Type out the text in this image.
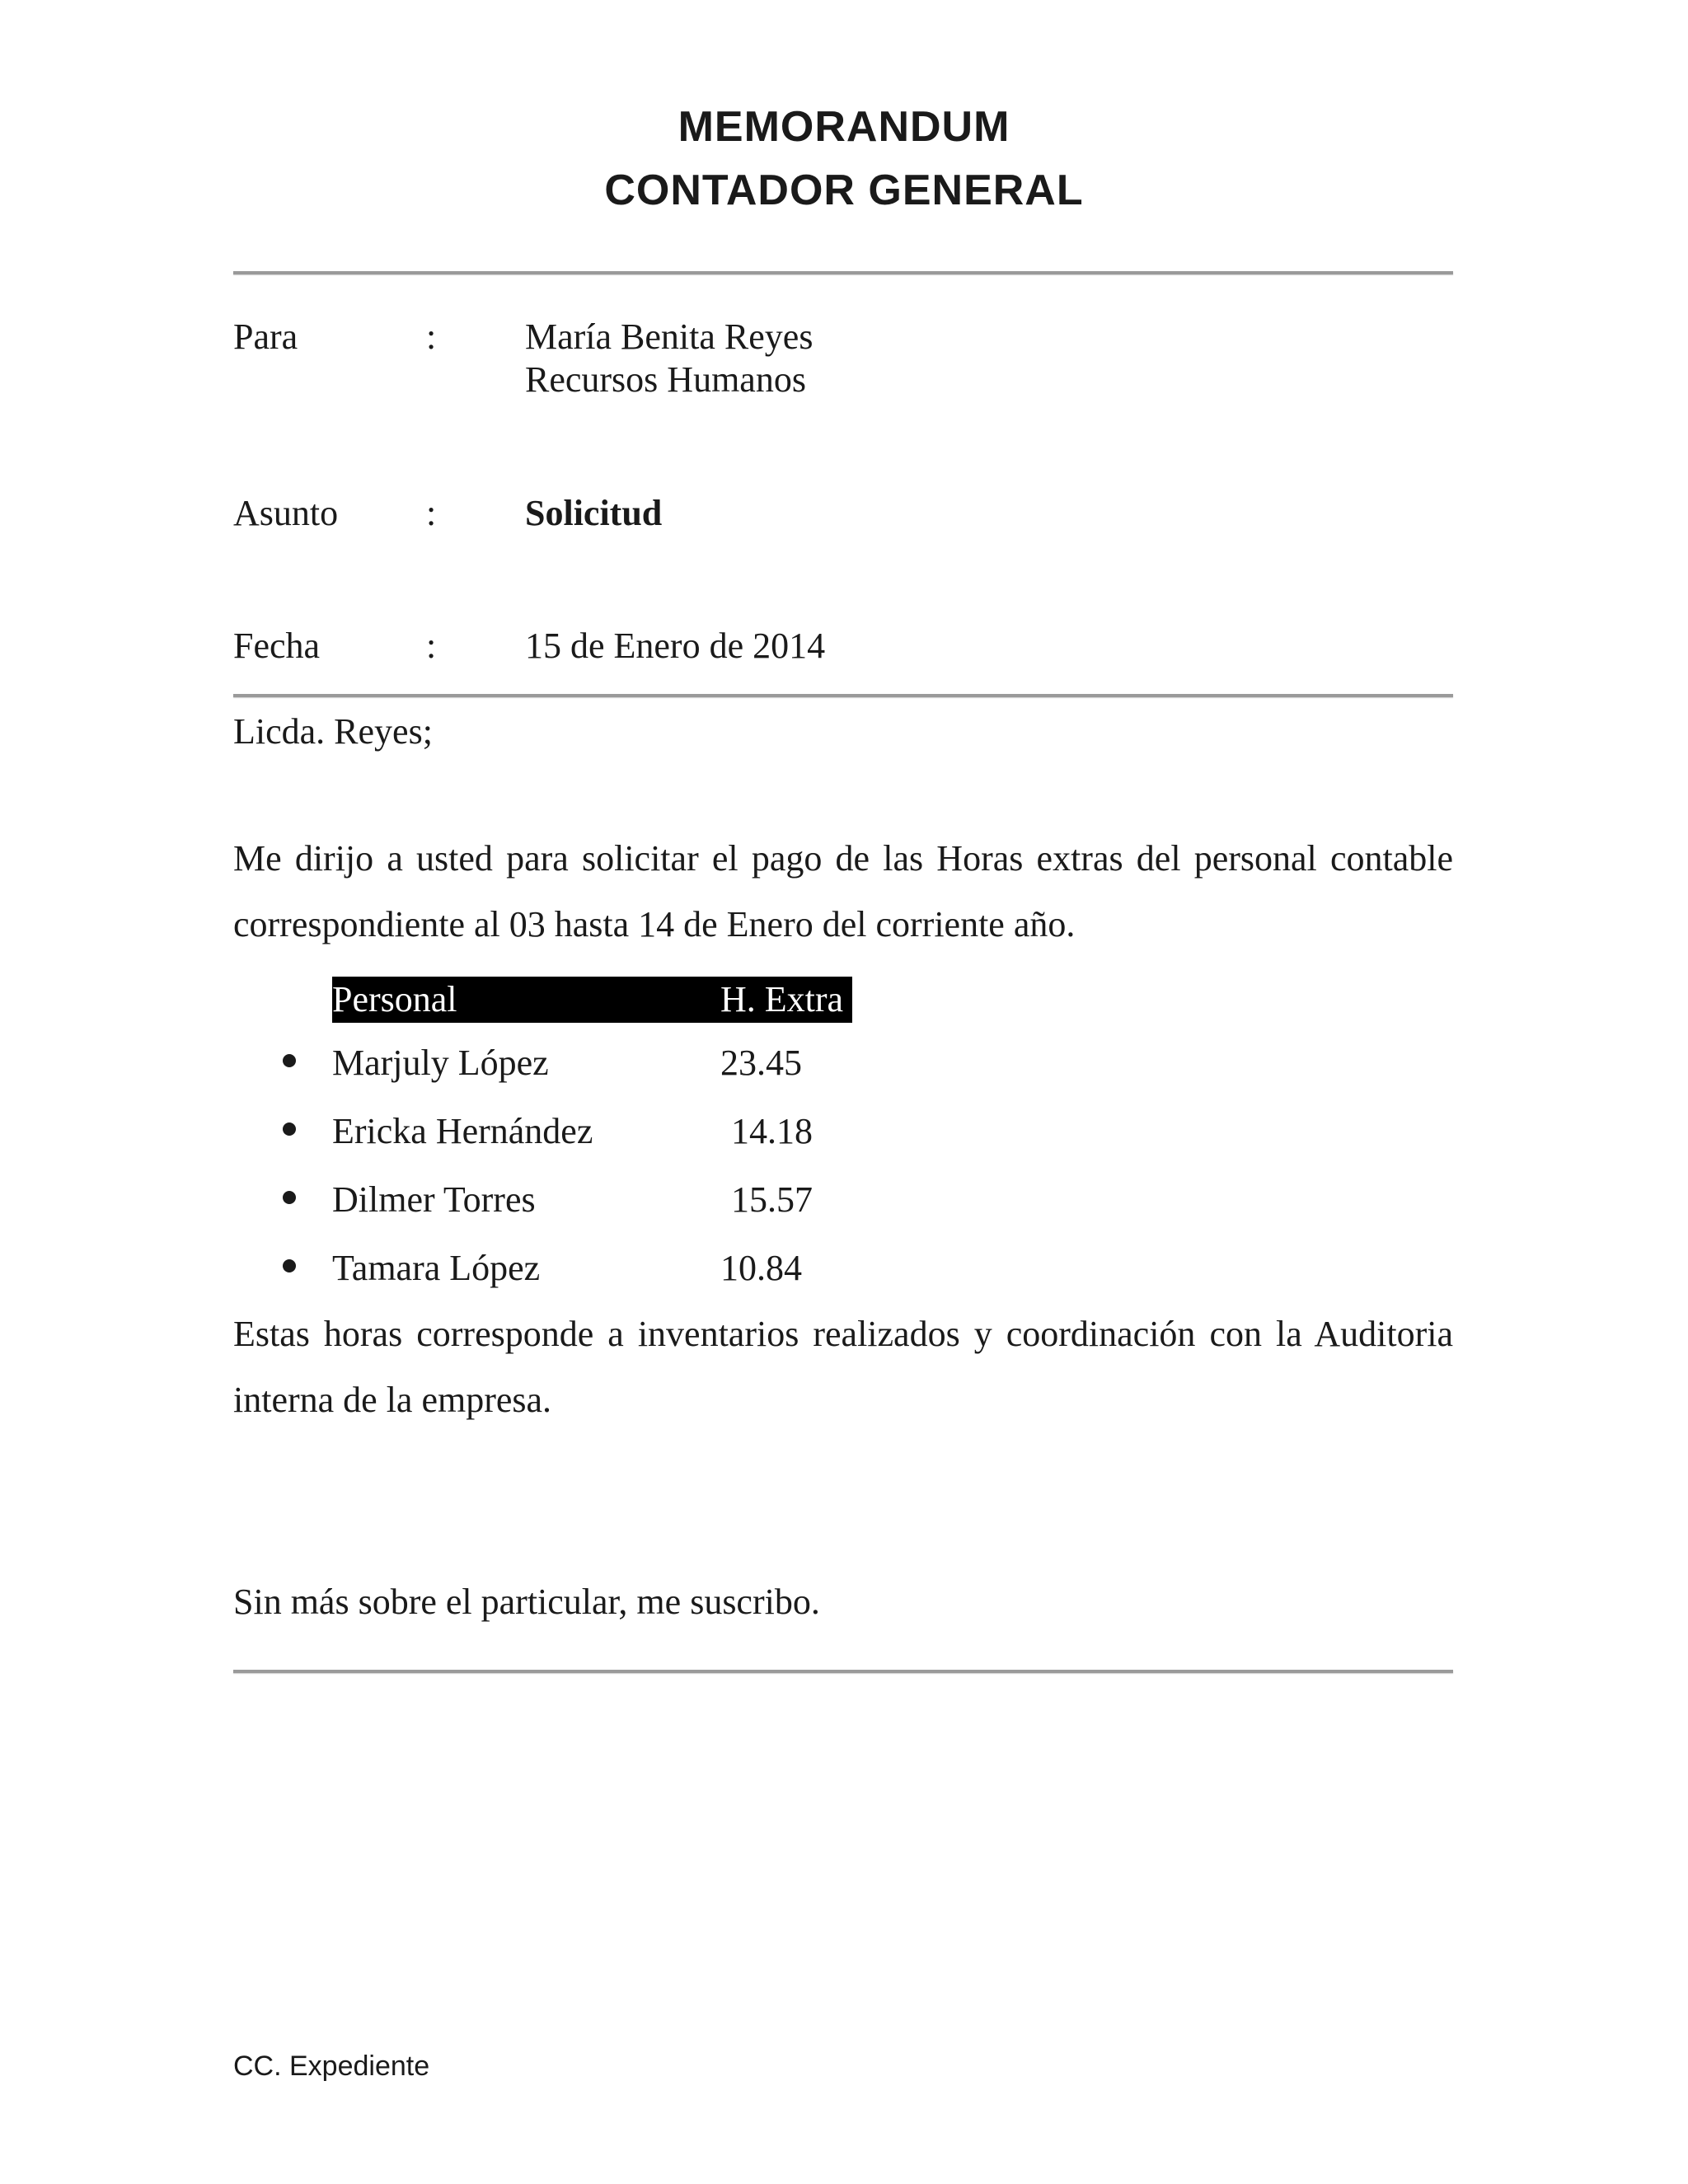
MEMORANDUM
CONTADOR GENERAL
Para	: María Benita Reyes
Recursos Humanos
Asunto : Solicitud
Fecha	: 15 de Enero de 2014
Licda. Reyes;
Me dirijo a usted para solicitar el pago de las Horas extras del personal contable correspondiente al 03 hasta 14 de Enero del corriente año.
Personal	H. Extra
Marjuly López	23.45
Ericka Hernández	14.18
Dilmer Torres	15.57
Tamara López	10.84
Estas horas corresponde a inventarios realizados y coordinación con la Auditoria interna de la empresa.
Sin más sobre el particular, me suscribo.
CC. Expediente
